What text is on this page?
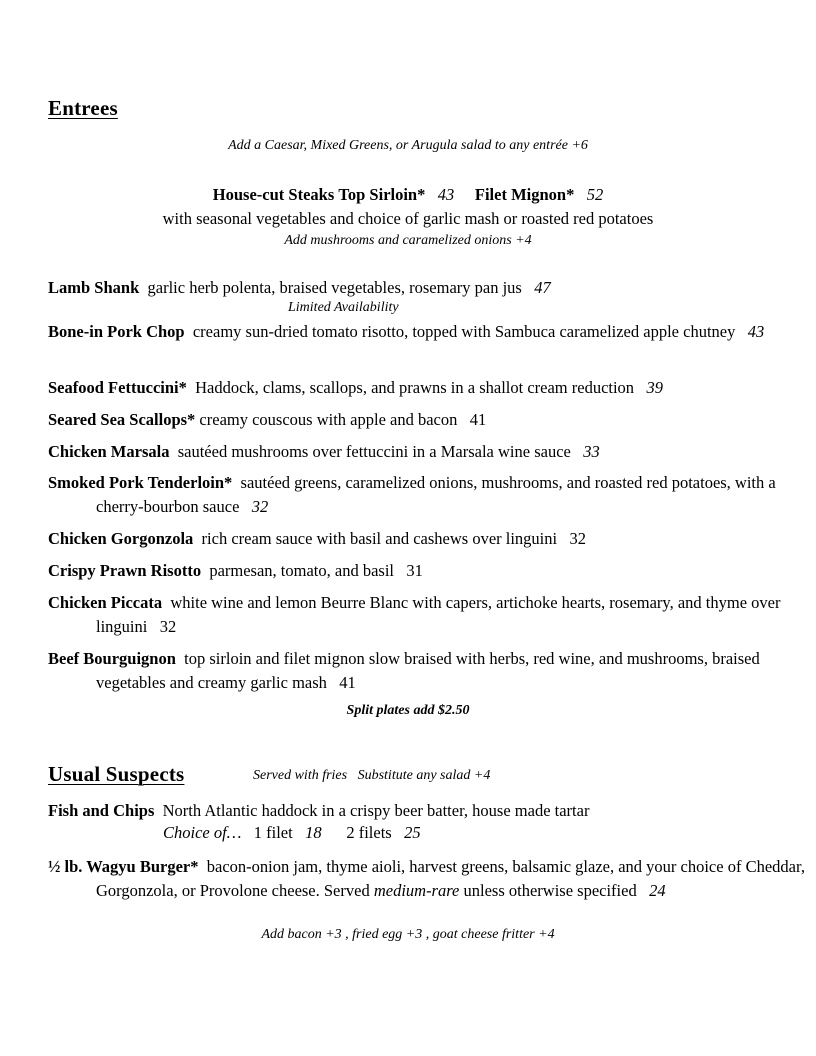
Entrees
Add a Caesar, Mixed Greens, or Arugula salad to any entrée +6
House-cut Steaks Top Sirloin* 43 Filet Mignon* 52
with seasonal vegetables and choice of garlic mash or roasted red potatoes
Add mushrooms and caramelized onions +4
Lamb Shank garlic herb polenta, braised vegetables, rosemary pan jus 47
Limited Availability
Bone-in Pork Chop creamy sun-dried tomato risotto, topped with Sambuca caramelized apple chutney 43
Seafood Fettuccini* Haddock, clams, scallops, and prawns in a shallot cream reduction 39
Seared Sea Scallops* creamy couscous with apple and bacon 41
Chicken Marsala sautéed mushrooms over fettuccini in a Marsala wine sauce 33
Smoked Pork Tenderloin* sautéed greens, caramelized onions, mushrooms, and roasted red potatoes, with a cherry-bourbon sauce 32
Chicken Gorgonzola rich cream sauce with basil and cashews over linguini 32
Crispy Prawn Risotto parmesan, tomato, and basil 31
Chicken Piccata white wine and lemon Beurre Blanc with capers, artichoke hearts, rosemary, and thyme over linguini 32
Beef Bourguignon top sirloin and filet mignon slow braised with herbs, red wine, and mushrooms, braised vegetables and creamy garlic mash 41
Split plates add $2.50
Usual Suspects	Served with fries   Substitute any salad +4
Fish and Chips North Atlantic haddock in a crispy beer batter, house made tartar
Choice of… 1 filet 18 2 filets 25
½ lb. Wagyu Burger* bacon-onion jam, thyme aioli, harvest greens, balsamic glaze, and your choice of Cheddar, Gorgonzola, or Provolone cheese. Served medium-rare unless otherwise specified 24
Add bacon +3 , fried egg +3 , goat cheese fritter +4
